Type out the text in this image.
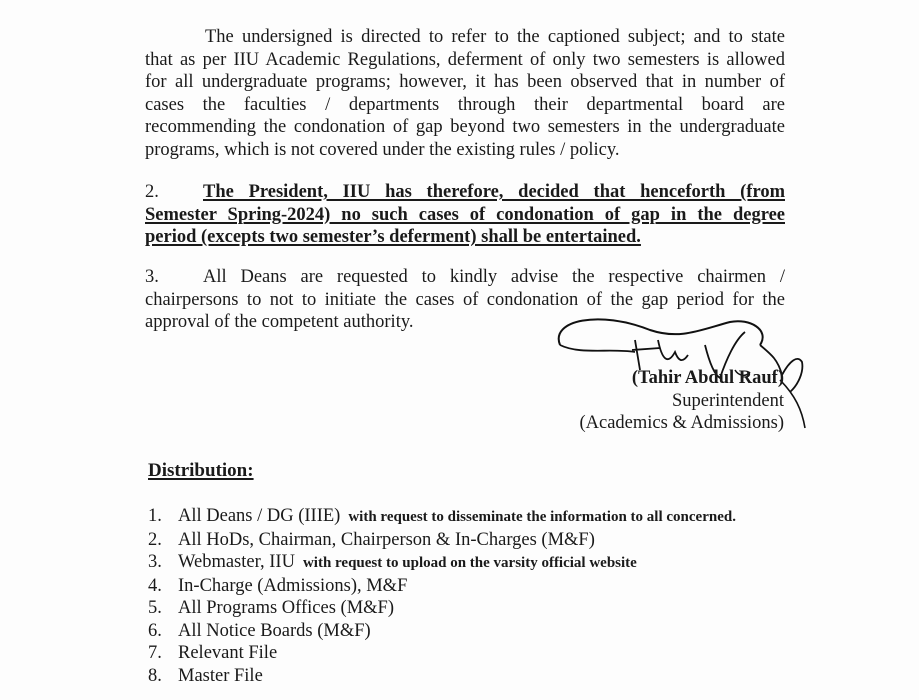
The undersigned is directed to refer to the captioned subject; and to state
that as per IIU Academic Regulations, deferment of only two semesters is allowed
for all undergraduate programs; however, it has been observed that in number of
cases the faculties / departments through their departmental board are
recommending the condonation of gap beyond two semesters in the undergraduate
programs, which is not covered under the existing rules / policy.
2. The President, IIU has therefore, decided that henceforth (from
Semester Spring-2024) no such cases of condonation of gap in the degree
period (excepts two semester’s deferment) shall be entertained.
3. All Deans are requested to kindly advise the respective chairmen /
chairpersons to not to initiate the cases of condonation of the gap period for the
approval of the competent authority.
(Tahir Abdul Rauf)
Superintendent
(Academics & Admissions)
Distribution:
1. All Deans / DG (IIIE) with request to disseminate the information to all concerned.
2. All HoDs, Chairman, Chairperson & In-Charges (M&F)
3. Webmaster, IIU with request to upload on the varsity official website
4. In-Charge (Admissions), M&F
5. All Programs Offices (M&F)
6. All Notice Boards (M&F)
7. Relevant File
8. Master File
